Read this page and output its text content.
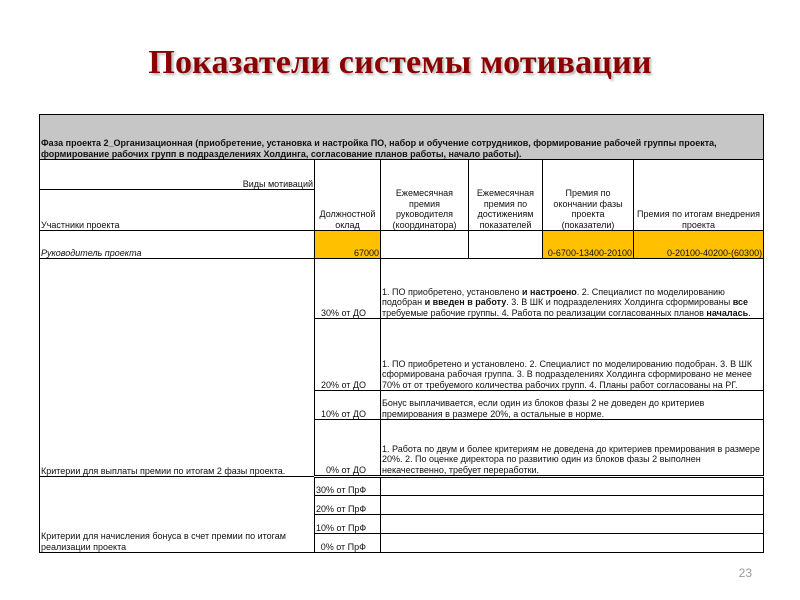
Показатели системы мотивации
Фаза проекта 2_Организационная (приобретение, установка и настройка ПО, набор и обучение сотрудников, формирование рабочей группы проекта, формирование рабочих групп в подразделениях Холдинга, согласование планов работы, начало работы).					
Виды мотиваций	Должностной оклад	Ежемесячная премия руководителя (координатора)	Ежемесячная премия по достижениям показателей	Премия по окончании фазы проекта (показатели)	Премия по итогам внедрения проекта
Участники проекта					
Руководитель проекта	67000			0-6700-13400-20100	0-20100-40200-(60300)
Критерии для выплаты премии по итогам 2 фазы проекта.	30% от ДО	1. ПО приобретено, установлено и настроено. 2. Специалист по моделированию подобран и введен в работу. 3. В ШК и подразделениях Холдинга сформированы все требуемые рабочие группы. 4. Работа по реализации согласованных планов началась.			
	20% от ДО	1. ПО приобретено и установлено. 2. Специалист по моделированию подобран. 3. В ШК сформирована рабочая группа. 3. В подразделениях Холдинга сформировано не менее 70% от от требуемого количества рабочих групп. 4. Планы работ согласованы на РГ.			
	10% от ДО	Бонус выплачивается, если один из блоков фазы 2 не доведен до критериев премирования в размере 20%, а остальные в норме.			
	0% от ДО	1. Работа по двум и более критериям не доведена до критериев премирования в размере 20%. 2. По оценке директора по развитию один из блоков фазы 2 выполнен некачественно, требует переработки.			
Критерии для начисления бонуса в счет премии по итогам реализации проекта	30% от ПрФ				
	20% от ПрФ				
	10% от ПрФ				
	0% от ПрФ				
23
